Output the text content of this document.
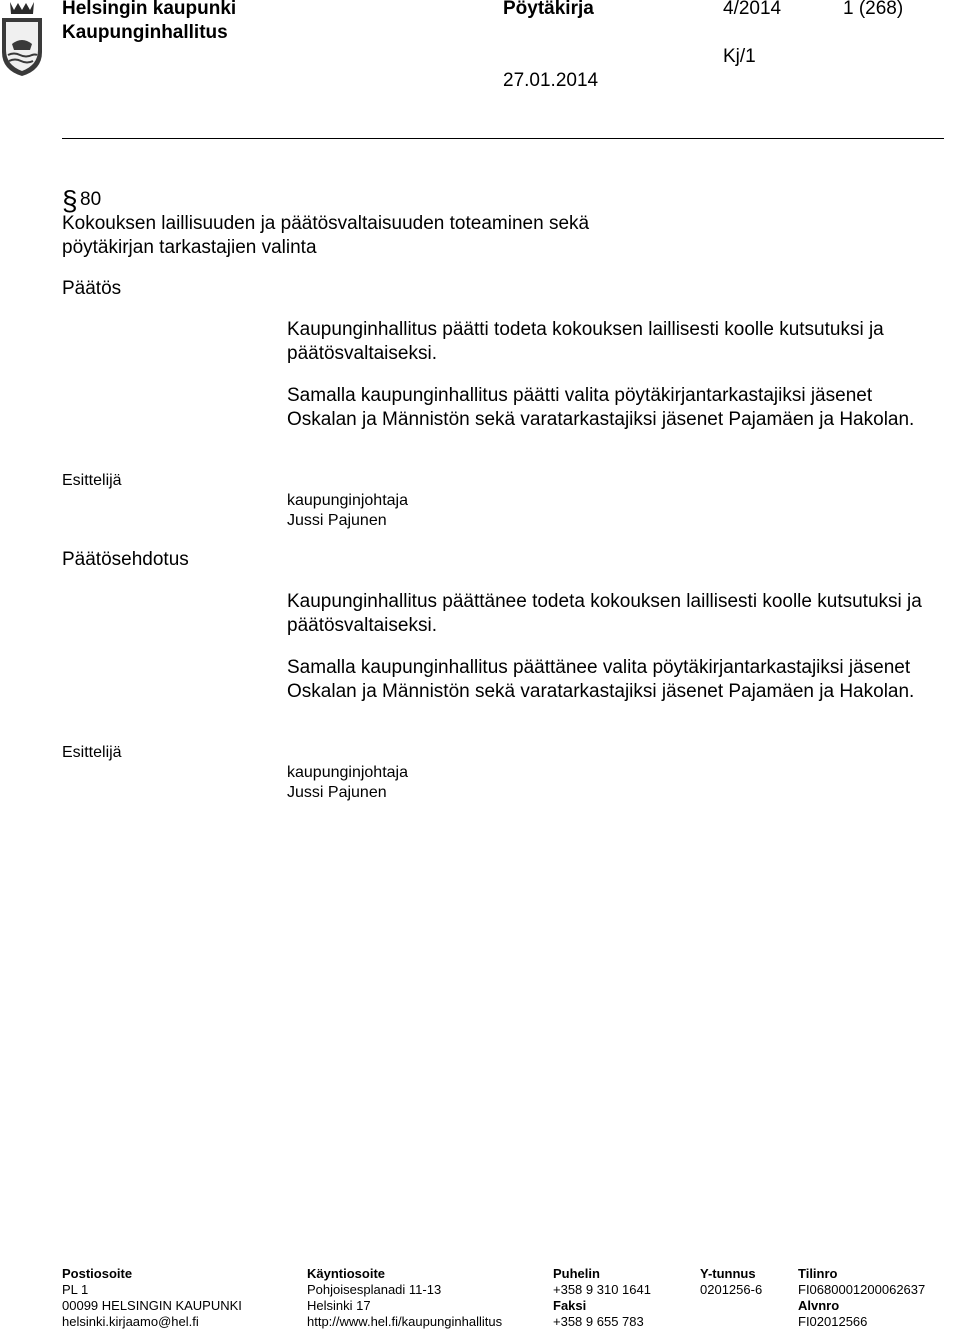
Helsingin kaupunki
Kaupunginhallitus
Pöytäkirja	4/2014	1 (268)
Kj/1
27.01.2014
§ 80
Kokouksen laillisuuden ja päätösvaltaisuuden toteaminen sekä
pöytäkirjan tarkastajien valinta
Päätös
Kaupunginhallitus päätti todeta kokouksen laillisesti koolle kutsutuksi ja päätösvaltaiseksi.
Samalla kaupunginhallitus päätti valita pöytäkirjantarkastajiksi jäsenet Oskalan ja Männistön sekä varatarkastajiksi jäsenet Pajamäen ja Hakolan.
Esittelijä
kaupunginjohtaja
Jussi Pajunen
Päätösehdotus
Kaupunginhallitus päättänee todeta kokouksen laillisesti koolle kutsutuksi ja päätösvaltaiseksi.
Samalla kaupunginhallitus päättänee valita pöytäkirjantarkastajiksi jäsenet Oskalan ja Männistön sekä varatarkastajiksi jäsenet Pajamäen ja Hakolan.
Esittelijä
kaupunginjohtaja
Jussi Pajunen
Postiosoite
PL 1
00099 HELSINGIN KAUPUNKI
helsinki.kirjaamo@hel.fi
Käyntiosoite
Pohjoisesplanadi 11-13
Helsinki 17
http://www.hel.fi/kaupunginhallitus
Puhelin
+358 9 310 1641
Faksi
+358 9 655 783
Y-tunnus
0201256-6
Tilinro
FI0680001200062637
Alvnro
FI02012566
